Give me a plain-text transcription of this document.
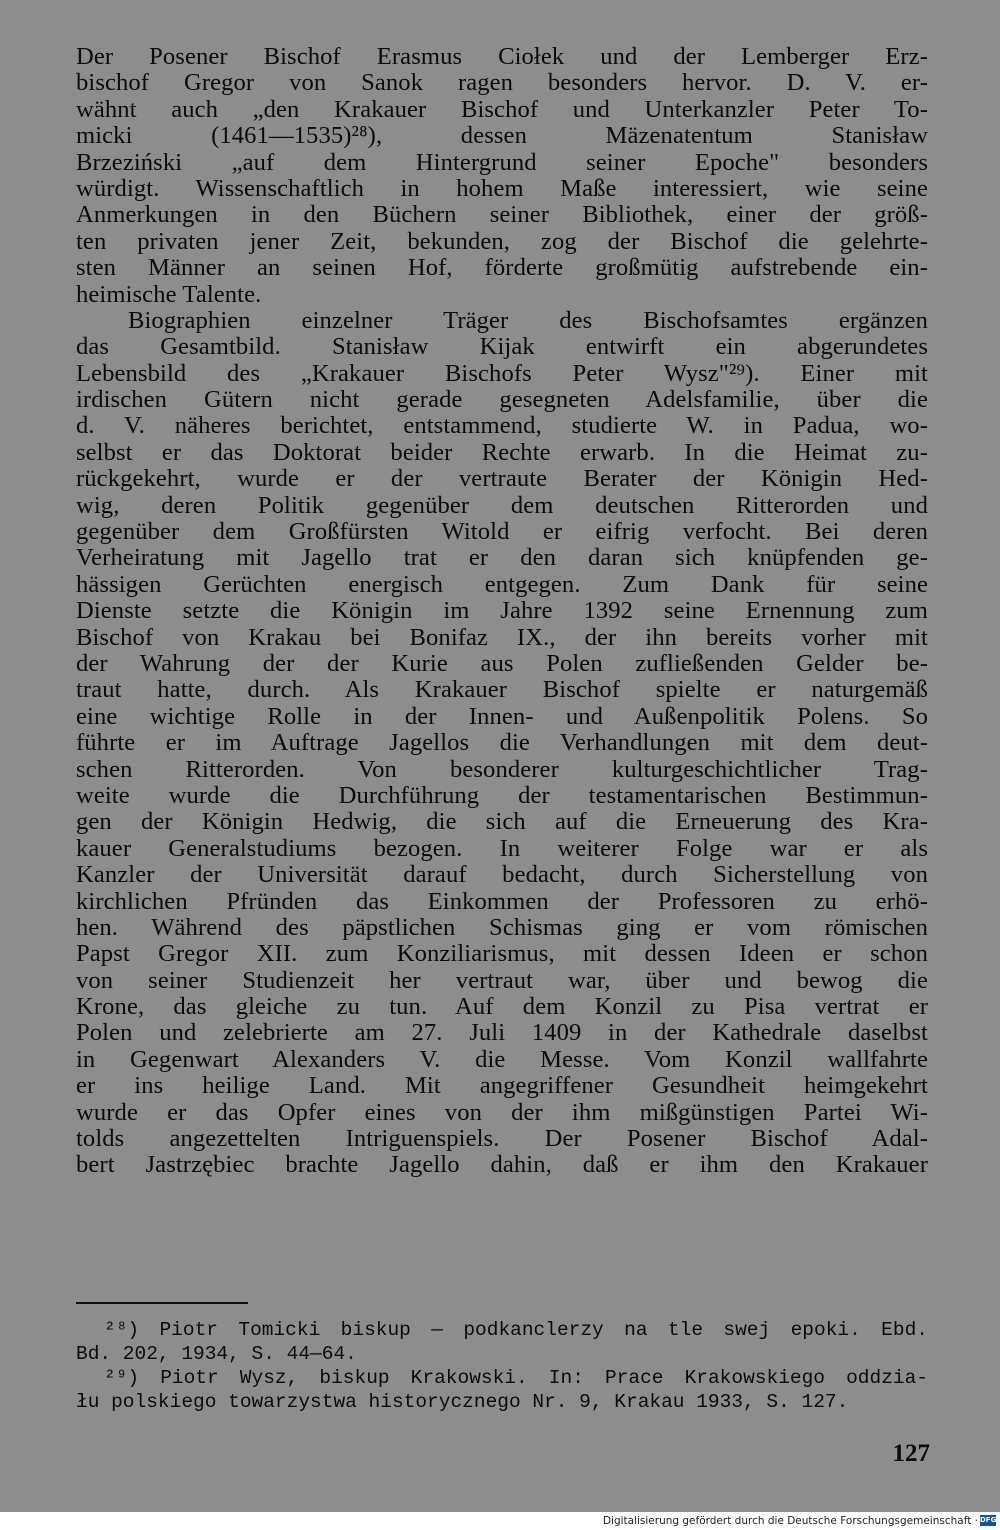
Der Posener Bischof Erasmus Ciołek und der Lemberger Erz-
bischof Gregor von Sanok ragen besonders hervor. D. V. er-
wähnt auch „den Krakauer Bischof und Unterkanzler Peter To-
micki (1461—1535)²⁸), dessen Mäzenatentum Stanisław
Brzeziński „auf dem Hintergrund seiner Epoche" besonders
würdigt. Wissenschaftlich in hohem Maße interessiert, wie seine
Anmerkungen in den Büchern seiner Bibliothek, einer der größ-
ten privaten jener Zeit, bekunden, zog der Bischof die gelehrte-
sten Männer an seinen Hof, förderte großmütig aufstrebende ein-
heimische Talente.
Biographien einzelner Träger des Bischofsamtes ergänzen
das Gesamtbild. Stanisław Kijak entwirft ein abgerundetes
Lebensbild des „Krakauer Bischofs Peter Wysz"²⁹). Einer mit
irdischen Gütern nicht gerade gesegneten Adelsfamilie, über die
d. V. näheres berichtet, entstammend, studierte W. in Padua, wo-
selbst er das Doktorat beider Rechte erwarb. In die Heimat zu-
rückgekehrt, wurde er der vertraute Berater der Königin Hed-
wig, deren Politik gegenüber dem deutschen Ritterorden und
gegenüber dem Großfürsten Witold er eifrig verfocht. Bei deren
Verheiratung mit Jagello trat er den daran sich knüpfenden ge-
hässigen Gerüchten energisch entgegen. Zum Dank für seine
Dienste setzte die Königin im Jahre 1392 seine Ernennung zum
Bischof von Krakau bei Bonifaz IX., der ihn bereits vorher mit
der Wahrung der der Kurie aus Polen zufließenden Gelder be-
traut hatte, durch. Als Krakauer Bischof spielte er naturgemäß
eine wichtige Rolle in der Innen- und Außenpolitik Polens. So
führte er im Auftrage Jagellos die Verhandlungen mit dem deut-
schen Ritterorden. Von besonderer kulturgeschichtlicher Trag-
weite wurde die Durchführung der testamentarischen Bestimmun-
gen der Königin Hedwig, die sich auf die Erneuerung des Kra-
kauer Generalstudiums bezogen. In weiterer Folge war er als
Kanzler der Universität darauf bedacht, durch Sicherstellung von
kirchlichen Pfründen das Einkommen der Professoren zu erhö-
hen. Während des päpstlichen Schismas ging er vom römischen
Papst Gregor XII. zum Konziliarismus, mit dessen Ideen er schon
von seiner Studienzeit her vertraut war, über und bewog die
Krone, das gleiche zu tun. Auf dem Konzil zu Pisa vertrat er
Polen und zelebrierte am 27. Juli 1409 in der Kathedrale daselbst
in Gegenwart Alexanders V. die Messe. Vom Konzil wallfahrte
er ins heilige Land. Mit angegriffener Gesundheit heimgekehrt
wurde er das Opfer eines von der ihm mißgünstigen Partei Wi-
tolds angezettelten Intriguenspiels. Der Posener Bischof Adal-
bert Jastrzębiec brachte Jagello dahin, daß er ihm den Krakauer
²⁸) Piotr Tomicki biskup — podkanclerzy na tle swej epoki. Ebd.
Bd. 202, 1934, S. 44—64.
²⁹) Piotr Wysz, biskup Krakowski. In: Prace Krakowskiego oddzia-
łu polskiego towarzystwa historycznego Nr. 9, Krakau 1933, S. 127.
127
Digitalisierung gefördert durch die Deutsche Forschungsgemeinschaft · DFG
